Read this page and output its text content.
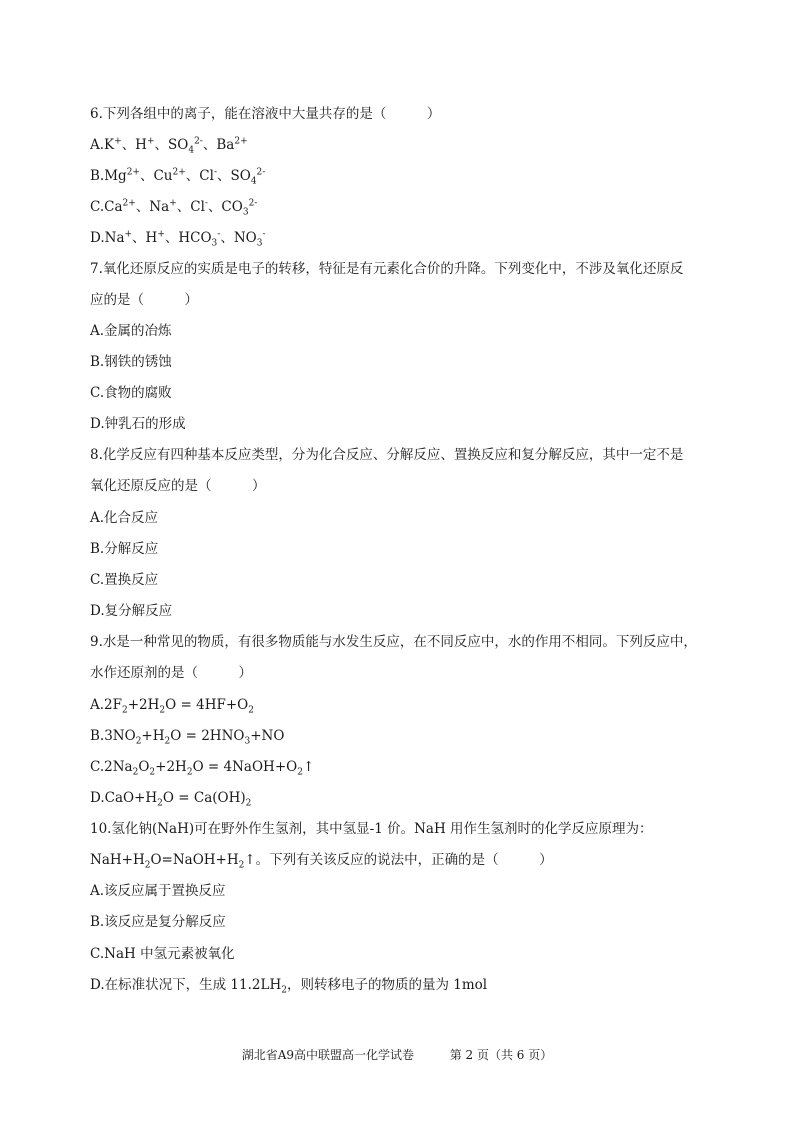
6.下列各组中的离子，能在溶液中大量共存的是（　　　）
A.K+、H+、$SO_4^{2-}$、$Ba^{2+}$
$B.Mg^{2+}$、$Cu^{2+}$、Cl-、$SO_4^{2-}$
$C.Ca^{2+}$、Na+、Cl-、$CO_3^{2-}$
D.Na+、H+、$HCO_3^-$、$NO_3^-$
7.氧化还原反应的实质是电子的转移，特征是有元素化合价的升降。下列变化中，不涉及氧化还原反
应的是（　　　）
A.金属的冶炼
B.钢铁的锈蚀
C.食物的腐败
D.钟乳石的形成
8.化学反应有四种基本反应类型，分为化合反应、分解反应、置换反应和复分解反应，其中一定不是
氧化还原反应的是（　　　）
A.化合反应
B.分解反应
C.置换反应
D.复分解反应
9.水是一种常见的物质，有很多物质能与水发生反应，在不同反应中，水的作用不相同。下列反应中，
水作还原剂的是（　　　）
$A.2F_2+2H_2O = 4HF+O_2$
$B.3NO_2+H_2O = 2HNO_3+NO$
$C.2Na_2O_2+2H_2O$ = $4NaOH+O_2↑$
$D.CaO+H_2O = Ca(OH)_2$
10.氢化钠(NaH)可在野外作生氢剂，其中氢显-1 价。NaH 用作生氢剂时的化学反应原理为：
$NaH+H_2O=NaOH+H_2↑$。下列有关该反应的说法中，正确的是（　　　）
A.该反应属于置换反应
B.该反应是复分解反应
C.NaH 中氢元素被氧化
D.在标准状况下，生成 $11.2LH_2$，则转移电子的物质的量为 1mol
湖北省A9高中联盟高一化学试卷	第 2 页（共 6 页）
